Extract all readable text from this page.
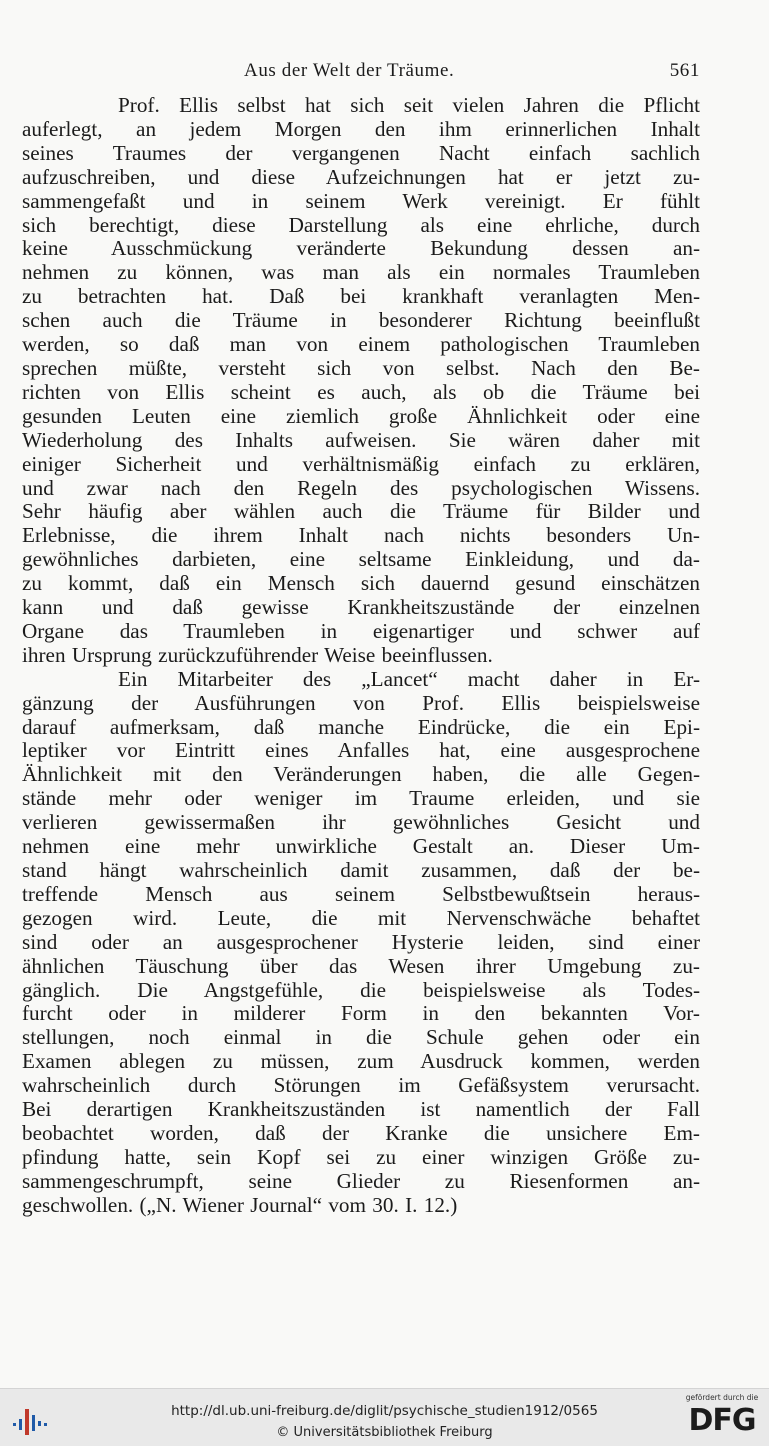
Aus der Welt der Träume.	561

Prof. Ellis selbst hat sich seit vielen Jahren die Pflicht
auferlegt, an jedem Morgen den ihm erinnerlichen Inhalt
seines Traumes der vergangenen Nacht einfach sachlich
aufzuschreiben, und diese Aufzeichnungen hat er jetzt zu-
sammengefaßt und in seinem Werk vereinigt. Er fühlt
sich berechtigt, diese Darstellung als eine ehrliche, durch
keine Ausschmückung veränderte Bekundung dessen an-
nehmen zu können, was man als ein normales Traumleben
zu betrachten hat. Daß bei krankhaft veranlagten Men-
schen auch die Träume in besonderer Richtung beeinflußt
werden, so daß man von einem pathologischen Traumleben
sprechen müßte, versteht sich von selbst. Nach den Be-
richten von Ellis scheint es auch, als ob die Träume bei
gesunden Leuten eine ziemlich große Ähnlichkeit oder eine
Wiederholung des Inhalts aufweisen. Sie wären daher mit
einiger Sicherheit und verhältnismäßig einfach zu erklären,
und zwar nach den Regeln des psychologischen Wissens.
Sehr häufig aber wählen auch die Träume für Bilder und
Erlebnisse, die ihrem Inhalt nach nichts besonders Un-
gewöhnliches darbieten, eine seltsame Einkleidung, und da-
zu kommt, daß ein Mensch sich dauernd gesund einschätzen
kann und daß gewisse Krankheitszustände der einzelnen
Organe das Traumleben in eigenartiger und schwer auf
ihren Ursprung zurückzuführender Weise beeinflussen.

Ein Mitarbeiter des „Lancet“ macht daher in Er-
gänzung der Ausführungen von Prof. Ellis beispielsweise
darauf aufmerksam, daß manche Eindrücke, die ein Epi-
leptiker vor Eintritt eines Anfalles hat, eine ausgesprochene
Ähnlichkeit mit den Veränderungen haben, die alle Gegen-
stände mehr oder weniger im Traume erleiden, und sie
verlieren gewissermaßen ihr gewöhnliches Gesicht und
nehmen eine mehr unwirkliche Gestalt an. Dieser Um-
stand hängt wahrscheinlich damit zusammen, daß der be-
treffende Mensch aus seinem Selbstbewußtsein heraus-
gezogen wird. Leute, die mit Nervenschwäche behaftet
sind oder an ausgesprochener Hysterie leiden, sind einer
ähnlichen Täuschung über das Wesen ihrer Umgebung zu-
gänglich. Die Angstgefühle, die beispielsweise als Todes-
furcht oder in milderer Form in den bekannten Vor-
stellungen, noch einmal in die Schule gehen oder ein
Examen ablegen zu müssen, zum Ausdruck kommen, werden
wahrscheinlich durch Störungen im Gefäßsystem verursacht.
Bei derartigen Krankheitszuständen ist namentlich der Fall
beobachtet worden, daß der Kranke die unsichere Em-
pfindung hatte, sein Kopf sei zu einer winzigen Größe zu-
sammengeschrumpft, seine Glieder zu Riesenformen an-
geschwollen. („N. Wiener Journal“ vom 30. I. 12.)

http://dl.ub.uni-freiburg.de/diglit/psychische_studien1912/0565
© Universitätsbibliothek Freiburg
gefördert durch die
DFG
